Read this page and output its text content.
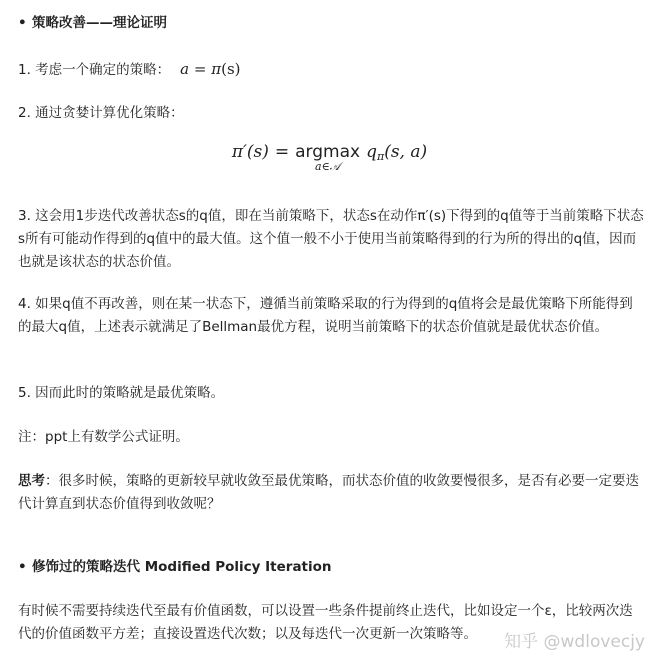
• 策略改善——理论证明

1. 考虑一个确定的策略： a = π(s)

2. 通过贪婪计算优化策略：

π′(s) = argmax
a∈𝒜
qπ(s, a)

3. 这会用1步迭代改善状态s的q值，即在当前策略下，状态s在动作π′(s)下得到的q值等于当前策略下状态s所有可能动作得到的q值中的最大值。这个值一般不小于使用当前策略得到的行为所的得出的q值，因而也就是该状态的状态价值。

4. 如果q值不再改善，则在某一状态下，遵循当前策略采取的行为得到的q值将会是最优策略下所能得到的最大q值，上述表示就满足了Bellman最优方程，说明当前策略下的状态价值就是最优状态价值。

5. 因而此时的策略就是最优策略。

注：ppt上有数学公式证明。

思考：很多时候，策略的更新较早就收敛至最优策略，而状态价值的收敛要慢很多，是否有必要一定要迭代计算直到状态价值得到收敛呢？

• 修饰过的策略迭代 Modified Policy Iteration

有时候不需要持续迭代至最有价值函数，可以设置一些条件提前终止迭代，比如设定一个ε，比较两次迭代的价值函数平方差；直接设置迭代次数；以及每迭代一次更新一次策略等。	知乎 @wdlovecjy
